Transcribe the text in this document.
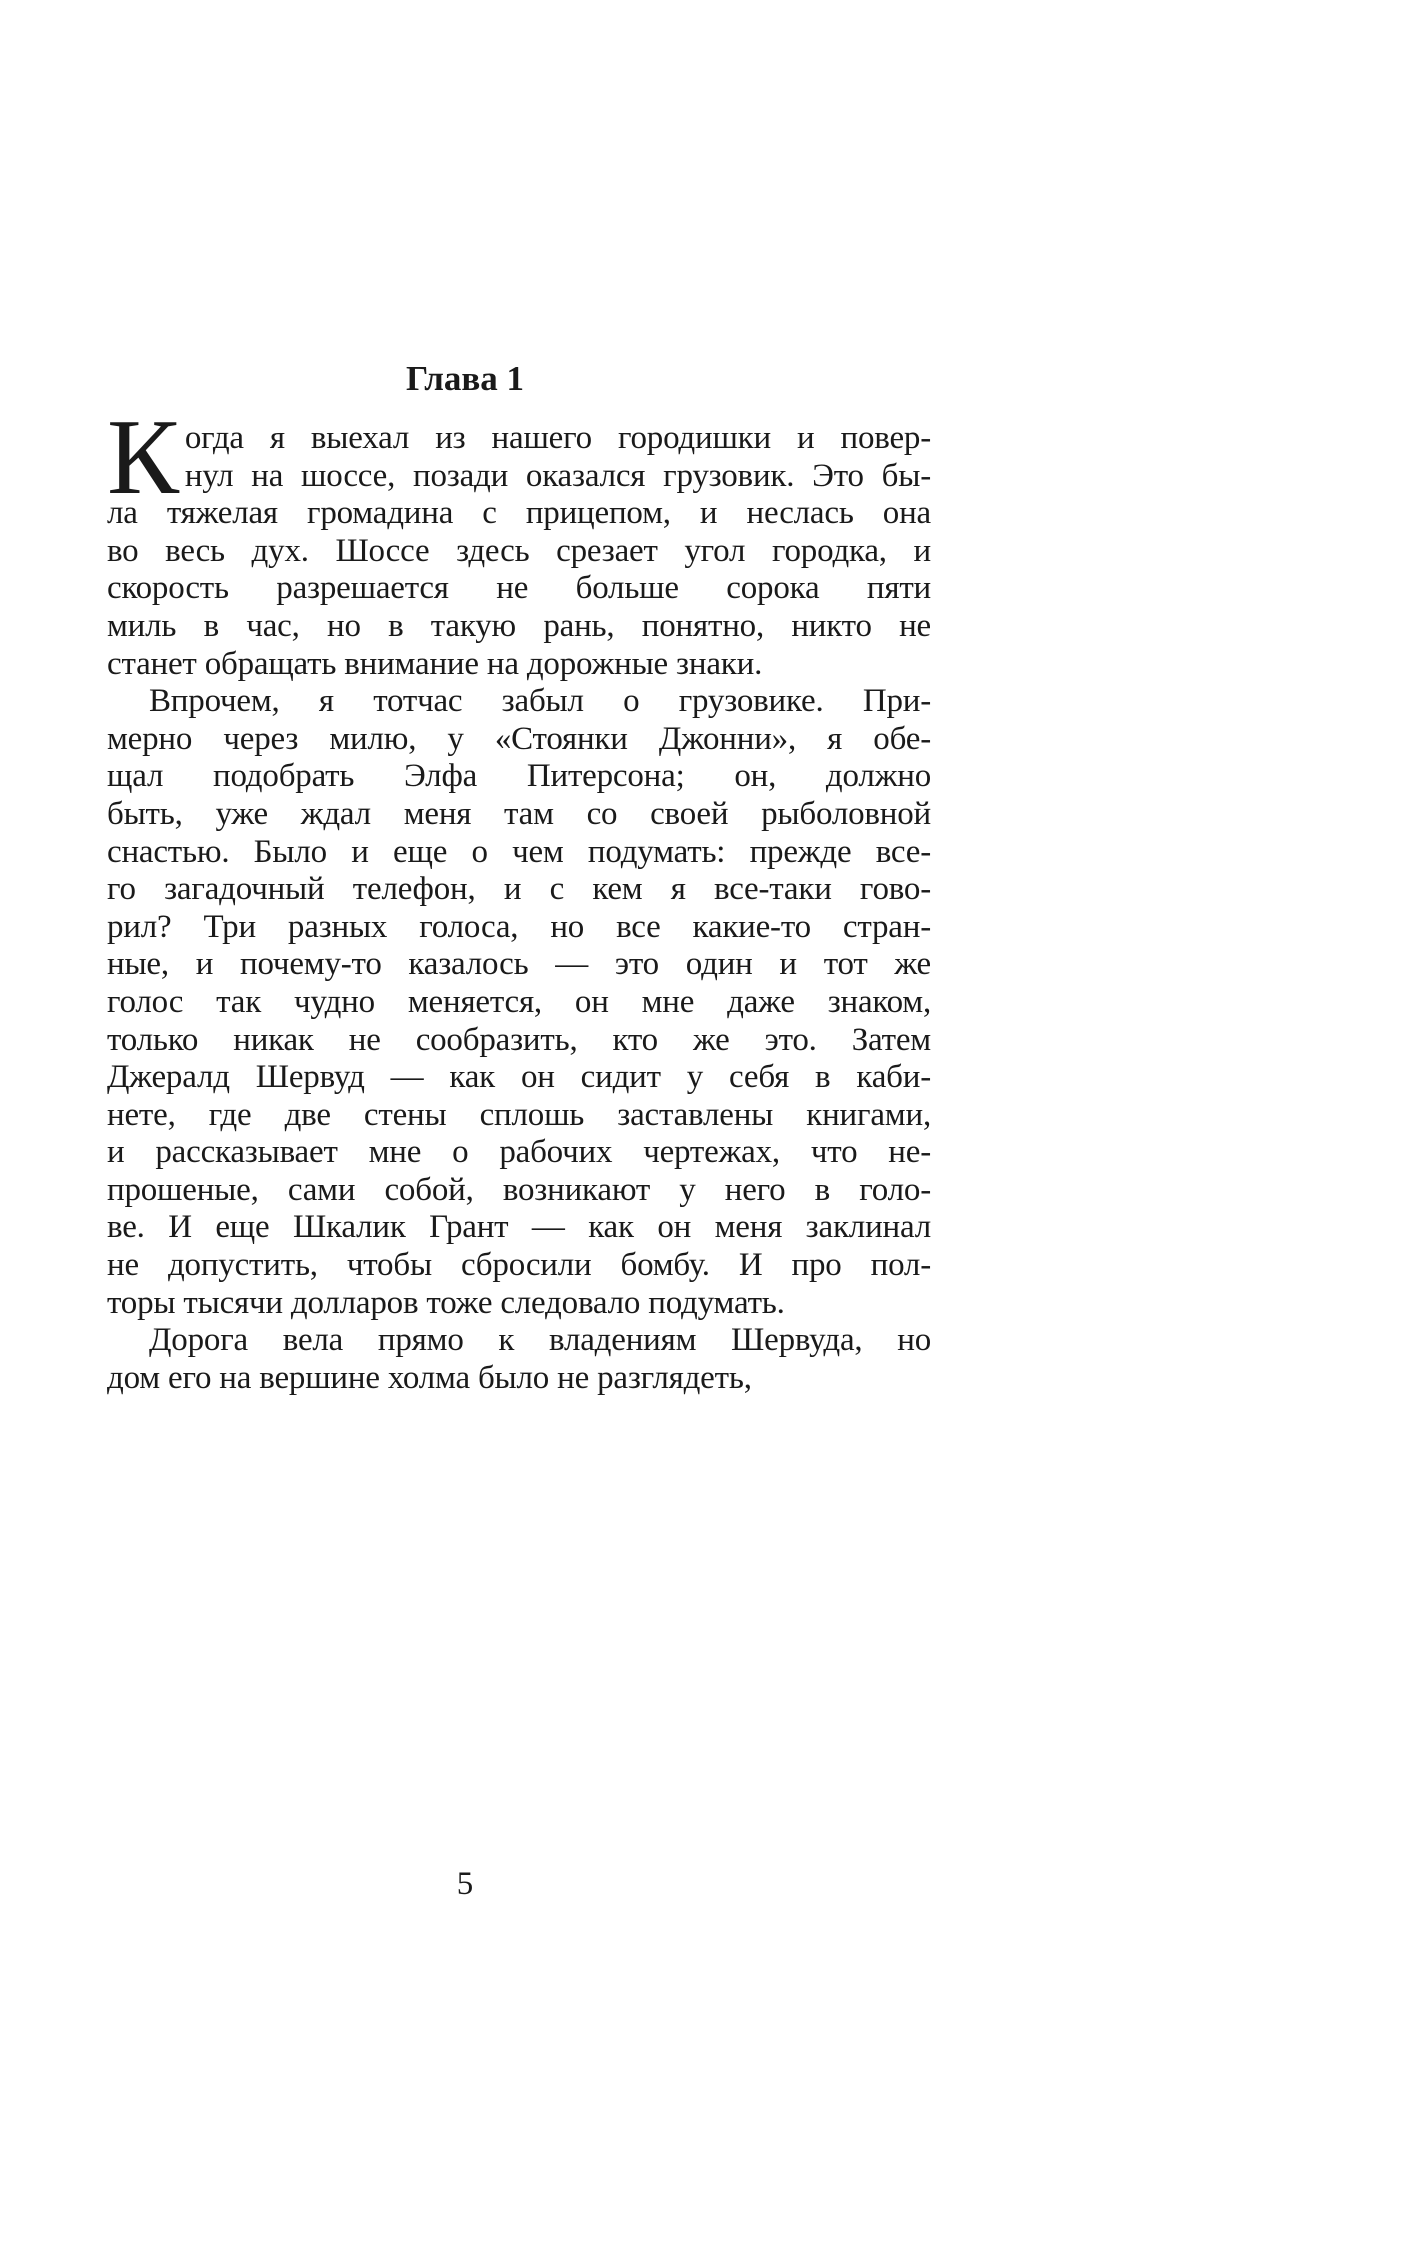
Глава 1

К огда я выехал из нашего городишки и повер-
нул на шоссе, позади оказался грузовик. Это бы-
ла тяжелая громадина с прицепом, и неслась она
во весь дух. Шоссе здесь срезает угол городка, и
скорость разрешается не больше сорока пяти
миль в час, но в такую рань, понятно, никто не
станет обращать внимание на дорожные знаки.

Впрочем, я тотчас забыл о грузовике. При-
мерно через милю, у «Стоянки Джонни», я обе-
щал подобрать Элфа Питерсона; он, должно
быть, уже ждал меня там со своей рыболовной
снастью. Было и еще о чем подумать: прежде все-
го загадочный телефон, и с кем я все-таки гово-
рил? Три разных голоса, но все какие-то стран-
ные, и почему-то казалось — это один и тот же
голос так чудно меняется, он мне даже знаком,
только никак не сообразить, кто же это. Затем
Джералд Шервуд — как он сидит у себя в каби-
нете, где две стены сплошь заставлены книгами,
и рассказывает мне о рабочих чертежах, что не-
прошеные, сами собой, возникают у него в голо-
ве. И еще Шкалик Грант — как он меня заклинал
не допустить, чтобы сбросили бомбу. И про пол-
торы тысячи долларов тоже следовало подумать.

Дорога вела прямо к владениям Шервуда, но
дом его на вершине холма было не разглядеть,

5
